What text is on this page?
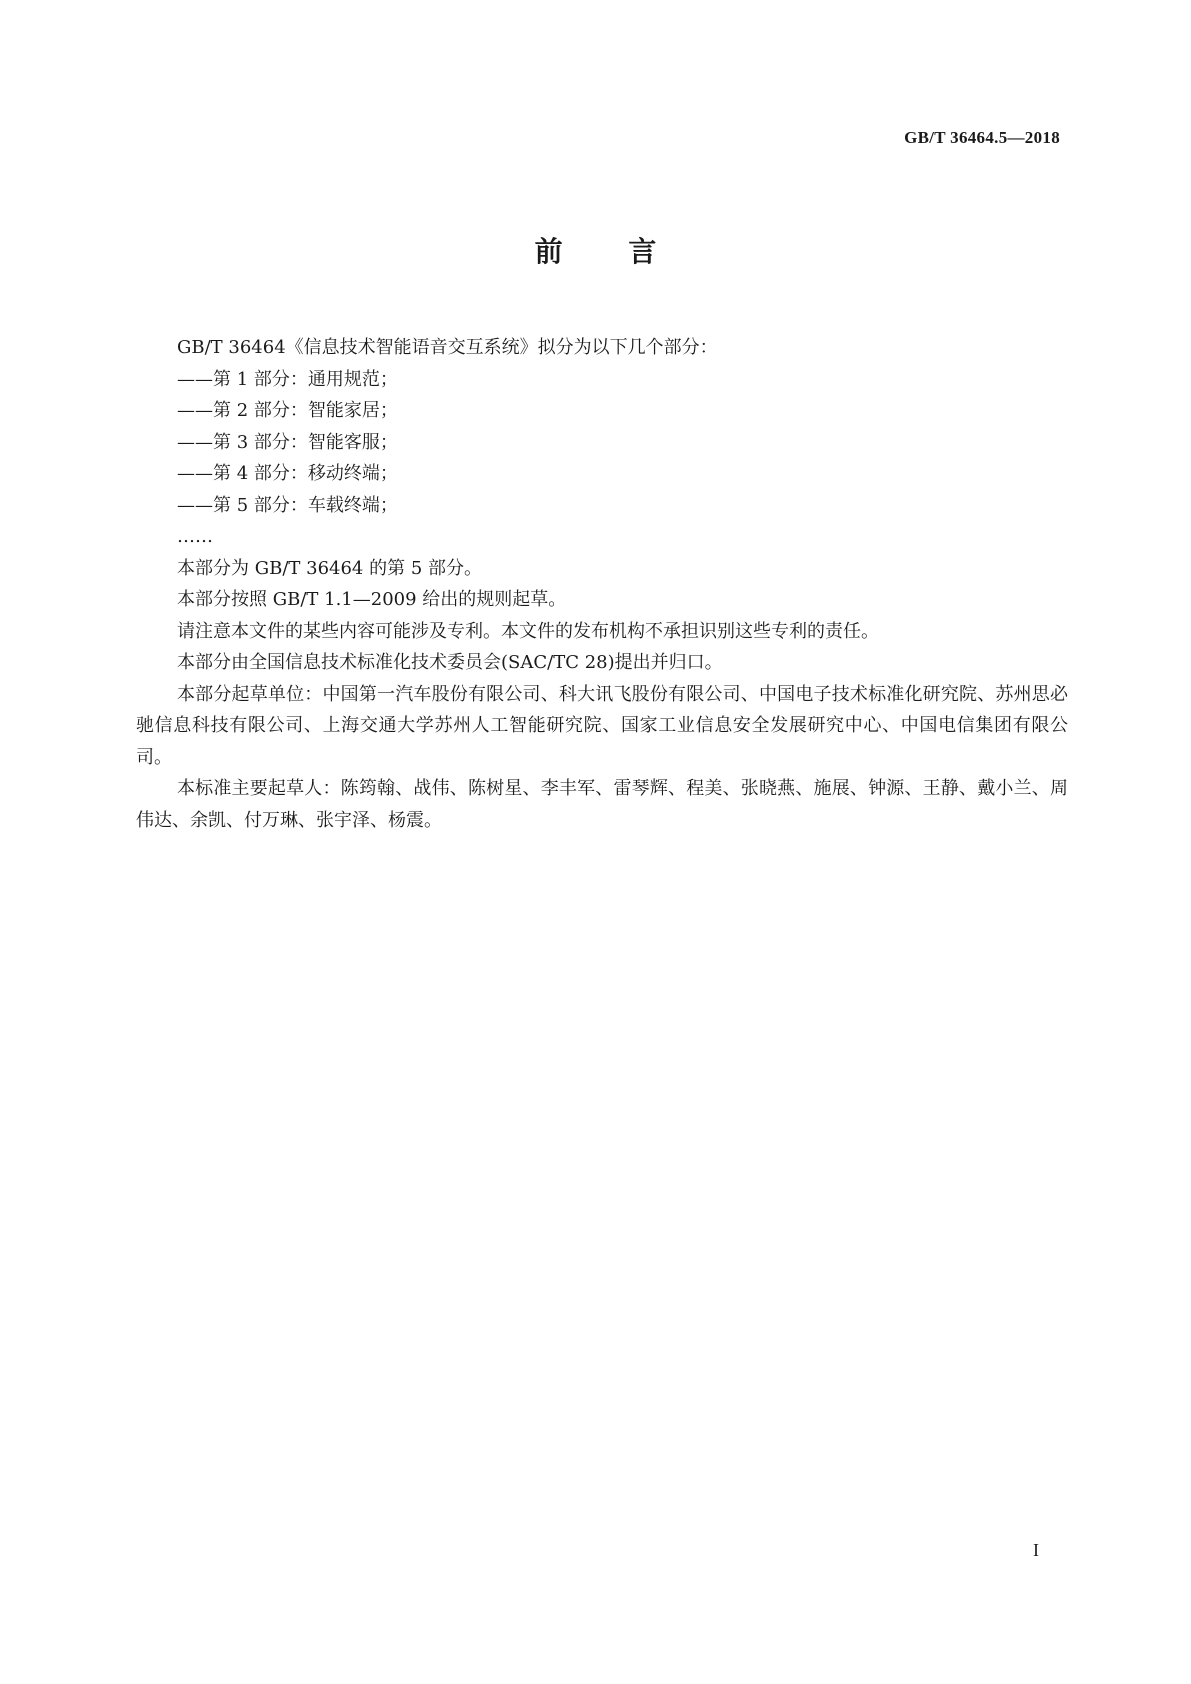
GB/T 36464.5—2018
前 言

GB/T 36464《信息技术智能语音交互系统》拟分为以下几个部分：

——第 1 部分：通用规范；

——第 2 部分：智能家居；

——第 3 部分：智能客服；

——第 4 部分：移动终端；

——第 5 部分：车载终端；

……

本部分为 GB/T 36464 的第 5 部分。

本部分按照 GB/T 1.1—2009 给出的规则起草。

请注意本文件的某些内容可能涉及专利。本文件的发布机构不承担识别这些专利的责任。

本部分由全国信息技术标准化技术委员会(SAC/TC 28)提出并归口。

本部分起草单位：中国第一汽车股份有限公司、科大讯飞股份有限公司、中国电子技术标准化研究院、苏州思必驰信息科技有限公司、上海交通大学苏州人工智能研究院、国家工业信息安全发展研究中心、中国电信集团有限公司。

本标准主要起草人：陈筠翰、战伟、陈树星、李丰军、雷琴辉、程美、张晓燕、施展、钟源、王静、戴小兰、周伟达、余凯、付万琳、张宇泽、杨震。

I
